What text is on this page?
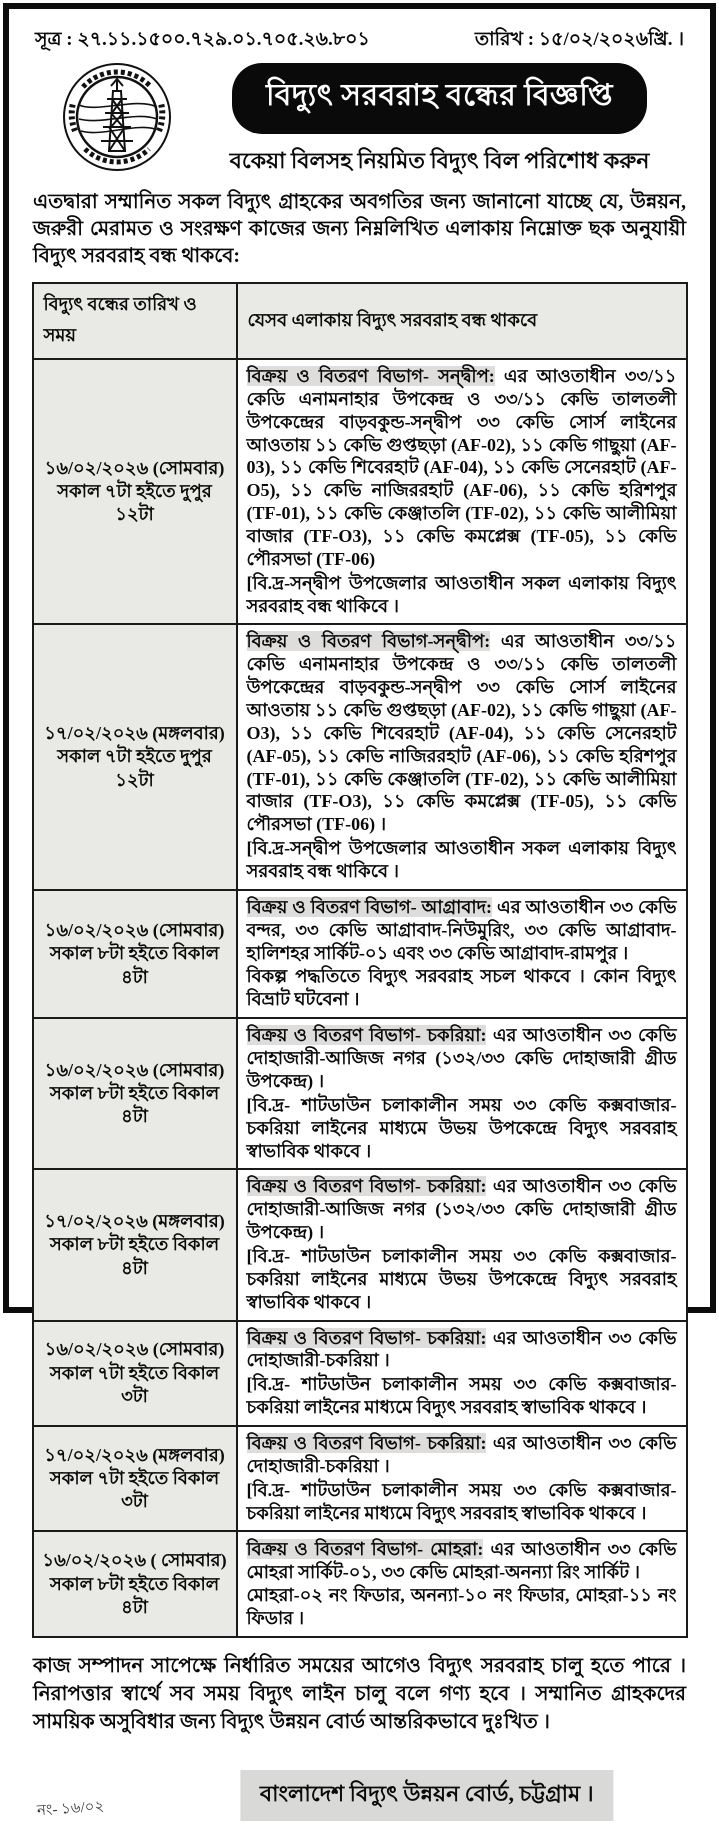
সূত্র : ২৭.১১.১৫০০.৭২৯.০১.৭০৫.২৬.৮০১	তারিখ : ১৫/০২/২০২৬খ্রি. ।
বিদ্যুৎ সরবরাহ বন্ধের বিজ্ঞপ্তি
বকেয়া বিলসহ নিয়মিত বিদ্যুৎ বিল পরিশোধ করুন

এতদ্বারা সম্মানিত সকল বিদ্যুৎ গ্রাহকের অবগতির জন্য জানানো যাচ্ছে যে, উন্নয়ন, জরুরী মেরামত ও সংরক্ষণ কাজের জন্য নিম্নলিখিত এলাকায় নিম্নোক্ত ছক অনুযায়ী বিদ্যুৎ সরবরাহ বন্ধ থাকবে:

বিদ্যুৎ বন্ধের তারিখ ও সময়	যেসব এলাকায় বিদ্যুৎ সরবরাহ বন্ধ থাকবে

১৬/০২/২০২৬ (সোমবার)
সকাল ৭টা হইতে দুপুর ১২টা
	বিক্রয় ও বিতরণ বিভাগ- সন্দ্বীপ: এর আওতাধীন ৩৩/১১ কেডি এনামনাহার উপকেন্দ্র ও ৩৩/১১ কেভি তালতলী উপকেন্দ্রের বাড়বকুন্ড-সন্দ্বীপ ৩৩ কেভি সোর্স লাইনের আওতায় ১১ কেভি গুপ্তছড়া (AF-02), ১১ কেভি গাছুয়া (AF-03), ১১ কেভি শিবেরহাট (AF-04), ১১ কেভি সেনেরহাট (AF-O5), ১১ কেভি নাজিররহাট (AF-06), ১১ কেভি হরিশপুর (TF-01), ১১ কেভি কেঞ্জাতলি (TF-02), ১১ কেভি আলীমিয়া বাজার (TF-O3), ১১ কেভি কমপ্লেক্স (TF-05), ১১ কেভি পৌরসভা (TF-06)
[বি.দ্র-সন্দ্বীপ উপজেলার আওতাধীন সকল এলাকায় বিদ্যুৎ সরবরাহ বন্ধ থাকিবে ।

১৭/০২/২০২৬ (মঙ্গলবার)
সকাল ৭টা হইতে দুপুর ১২টা
	বিক্রয় ও বিতরণ বিভাগ-সন্দ্বীপ: এর আওতাধীন ৩৩/১১ কেভি এনামনাহার উপকেন্দ্র ও ৩৩/১১ কেভি তালতলী উপকেন্দ্রের বাড়বকুন্ড-সন্দ্বীপ ৩৩ কেভি সোর্স লাইনের আওতায় ১১ কেভি গুপ্তছড়া (AF-02), ১১ কেভি গাছুয়া (AF-O3), ১১ কেভি শিবেরহাট (AF-04), ১১ কেভি সেনেরহাট (AF-05), ১১ কেভি নাজিররহাট (AF-06), ১১ কেভি হরিশপুর (TF-01), ১১ কেভি কেঞ্জাতলি (TF-02), ১১ কেভি আলীমিয়া বাজার (TF-O3), ১১ কেভি কমপ্লেক্স (TF-05), ১১ কেভি পৌরসভা (TF-06) ।
[বি.দ্র-সন্দ্বীপ উপজেলার আওতাধীন সকল এলাকায় বিদ্যুৎ সরবরাহ বন্ধ থাকিবে ।

১৬/০২/২০২৬ (সোমবার)
সকাল ৮টা হইতে বিকাল ৪টা
	বিক্রয় ও বিতরণ বিভাগ- আগ্রাবাদ: এর আওতাধীন ৩৩ কেভি বন্দর, ৩৩ কেভি আগ্রাবাদ-নিউমুরিং, ৩৩ কেভি আগ্রাবাদ-হালিশহর সার্কিট-০১ এবং ৩৩ কেভি আগ্রাবাদ-রামপুর ।
বিকল্প পদ্ধতিতে বিদ্যুৎ সরবরাহ সচল থাকবে । কোন বিদ্যুৎ বিভ্রাট ঘটবেনা ।

১৬/০২/২০২৬ (সোমবার)
সকাল ৮টা হইতে বিকাল ৪টা
	বিক্রয় ও বিতরণ বিভাগ- চকরিয়া: এর আওতাধীন ৩৩ কেভি দোহাজারী-আজিজ নগর (১৩২/৩৩ কেভি দোহাজারী গ্রীড উপকেন্দ্র) ।
[বি.দ্র- শাটডাউন চলাকালীন সময় ৩৩ কেভি কক্সবাজার-চকরিয়া লাইনের মাধ্যমে উভয় উপকেন্দ্রে বিদ্যুৎ সরবরাহ স্বাভাবিক থাকবে ।

১৭/০২/২০২৬ (মঙ্গলবার)
সকাল ৮টা হইতে বিকাল ৪টা
	বিক্রয় ও বিতরণ বিভাগ- চকরিয়া: এর আওতাধীন ৩৩ কেভি দোহাজারী-আজিজ নগর (১৩২/৩৩ কেভি দোহাজারী গ্রীড উপকেন্দ্র) ।
[বি.দ্র- শাটডাউন চলাকালীন সময় ৩৩ কেভি কক্সবাজার-চকরিয়া লাইনের মাধ্যমে উভয় উপকেন্দ্রে বিদ্যুৎ সরবরাহ স্বাভাবিক থাকবে ।

১৬/০২/২০২৬ (সোমবার)
সকাল ৭টা হইতে বিকাল ৩টা
	বিক্রয় ও বিতরণ বিভাগ- চকরিয়া: এর আওতাধীন ৩৩ কেভি দোহাজারী-চকরিয়া ।
[বি.দ্র- শাটডাউন চলাকালীন সময় ৩৩ কেভি কক্সবাজার-চকরিয়া লাইনের মাধ্যমে বিদ্যুৎ সরবরাহ স্বাভাবিক থাকবে ।

১৭/০২/২০২৬ (মঙ্গলবার)
সকাল ৭টা হইতে বিকাল ৩টা
	বিক্রয় ও বিতরণ বিভাগ- চকরিয়া: এর আওতাধীন ৩৩ কেভি দোহাজারী-চকরিয়া ।
[বি.দ্র- শাটডাউন চলাকালীন সময় ৩৩ কেভি কক্সবাজার-চকরিয়া লাইনের মাধ্যমে বিদ্যুৎ সরবরাহ স্বাভাবিক থাকবে ।

১৬/০২/২০২৬ ( সোমবার)
সকাল ৮টা হইতে বিকাল ৪টা
	বিক্রয় ও বিতরণ বিভাগ- মোহরা: এর আওতাধীন ৩৩ কেভি মোহরা সার্কিট-০১, ৩৩ কেভি মোহরা-অনন্যা রিং সার্কিট ।
মোহরা-০২ নং ফিডার, অনন্যা-১০ নং ফিডার, মোহরা-১১ নং ফিডার ।

কাজ সম্পাদন সাপেক্ষে নির্ধারিত সময়ের আগেও বিদ্যুৎ সরবরাহ চালু হতে পারে । নিরাপত্তার স্বার্থে সব সময় বিদ্যুৎ লাইন চালু বলে গণ্য হবে । সম্মানিত গ্রাহকদের সাময়িক অসুবিধার জন্য বিদ্যুৎ উন্নয়ন বোর্ড আন্তরিকভাবে দুঃখিত ।

নং- ১৬/০২
বাংলাদেশ বিদ্যুৎ উন্নয়ন বোর্ড, চট্টগ্রাম ।
